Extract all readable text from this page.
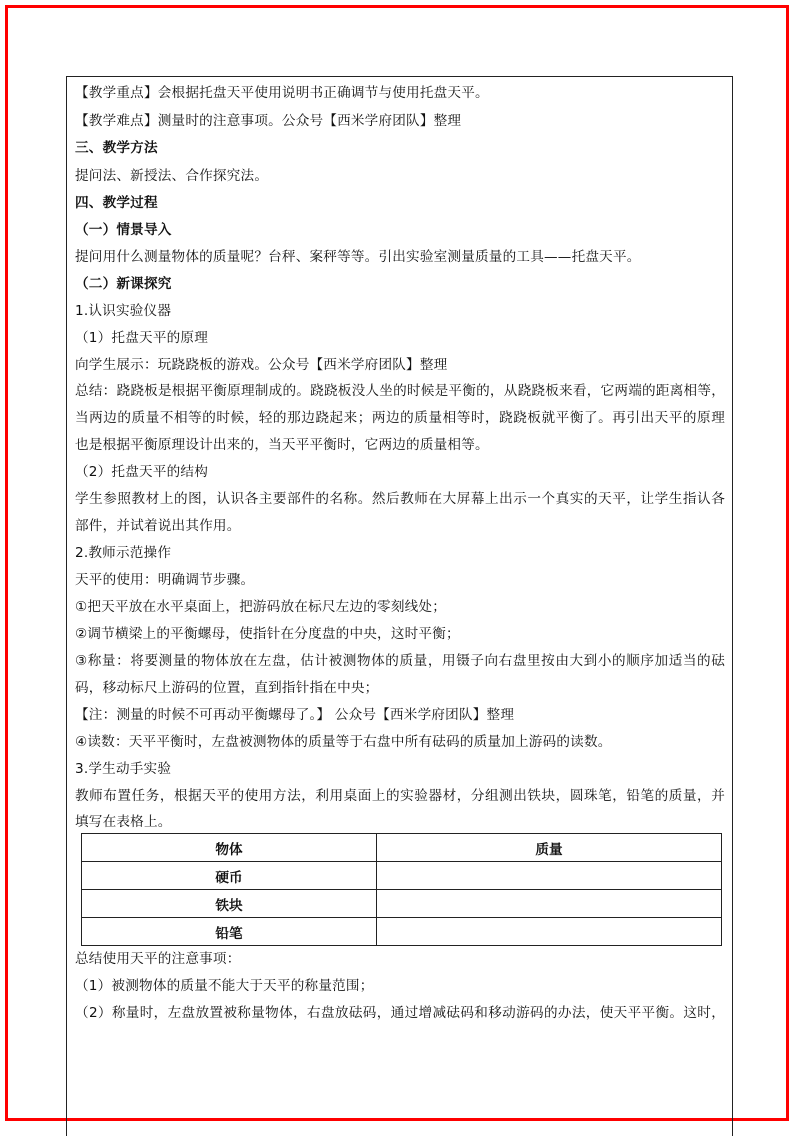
【教学重点】会根据托盘天平使用说明书正确调节与使用托盘天平。
【教学难点】测量时的注意事项。公众号【西米学府团队】整理
三、教学方法
提问法、新授法、合作探究法。
四、教学过程
（一）情景导入
提问用什么测量物体的质量呢？台秤、案秤等等。引出实验室测量质量的工具——托盘天平。
（二）新课探究
1.认识实验仪器
（1）托盘天平的原理
向学生展示：玩跷跷板的游戏。公众号【西米学府团队】整理
总结：跷跷板是根据平衡原理制成的。跷跷板没人坐的时候是平衡的，从跷跷板来看，它两端的距离相等，
当两边的质量不相等的时候，轻的那边跷起来；两边的质量相等时，跷跷板就平衡了。再引出天平的原理
也是根据平衡原理设计出来的，当天平平衡时，它两边的质量相等。
（2）托盘天平的结构
学生参照教材上的图，认识各主要部件的名称。然后教师在大屏幕上出示一个真实的天平，让学生指认各
部件，并试着说出其作用。
2.教师示范操作
天平的使用：明确调节步骤。
①把天平放在水平桌面上，把游码放在标尺左边的零刻线处；
②调节横梁上的平衡螺母，使指针在分度盘的中央，这时平衡；
③称量：将要测量的物体放在左盘，估计被测物体的质量，用镊子向右盘里按由大到小的顺序加适当的砝
码，移动标尺上游码的位置，直到指针指在中央；
【注：测量的时候不可再动平衡螺母了。】 公众号【西米学府团队】整理
④读数：天平平衡时，左盘被测物体的质量等于右盘中所有砝码的质量加上游码的读数。
3.学生动手实验
教师布置任务，根据天平的使用方法，利用桌面上的实验器材，分组测出铁块，圆珠笔，铅笔的质量，并
填写在表格上。
物体	质量
硬币	
铁块	
铅笔	
总结使用天平的注意事项：
（1）被测物体的质量不能大于天平的称量范围；
（2）称量时，左盘放置被称量物体，右盘放砝码，通过增减砝码和移动游码的办法，使天平平衡。这时，
